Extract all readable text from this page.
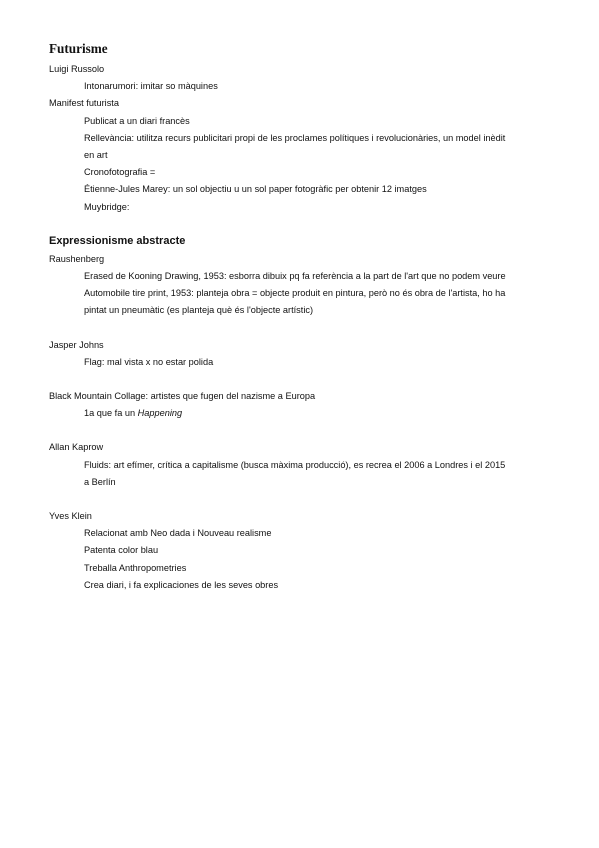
Futurisme

Luigi Russolo

Intonarumori: imitar so màquines

Manifest futurista

Publicat a un diari francès

Rellevància: utilitza recurs publicitari propi de les proclames polítiques i revolucionàries, un model inèdit

en art

Cronofotografia =

Étienne-Jules Marey: un sol objectiu u un sol paper fotogràfic per obtenir 12 imatges

Muybridge:

Expressionisme abstracte

Raushenberg

Erased de Kooning Drawing, 1953: esborra dibuix pq fa referència a la part de l'art que no podem veure

Automobile tire print, 1953: planteja obra = objecte produit en pintura, però no és obra de l'artista, ho ha

pintat un pneumàtic (es planteja què és l'objecte artístic)

Jasper Johns

Flag: mal vista x no estar polida

Black Mountain Collage: artistes que fugen del nazisme a Europa

1a que fa un Happening

Allan Kaprow

Fluids: art efímer, crítica a capitalisme (busca màxima producció), es recrea el 2006 a Londres i el 2015

a Berlín

Yves Klein

Relacionat amb Neo dada i Nouveau realisme

Patenta color blau

Treballa Anthropometries

Crea diari, i fa explicaciones de les seves obres
